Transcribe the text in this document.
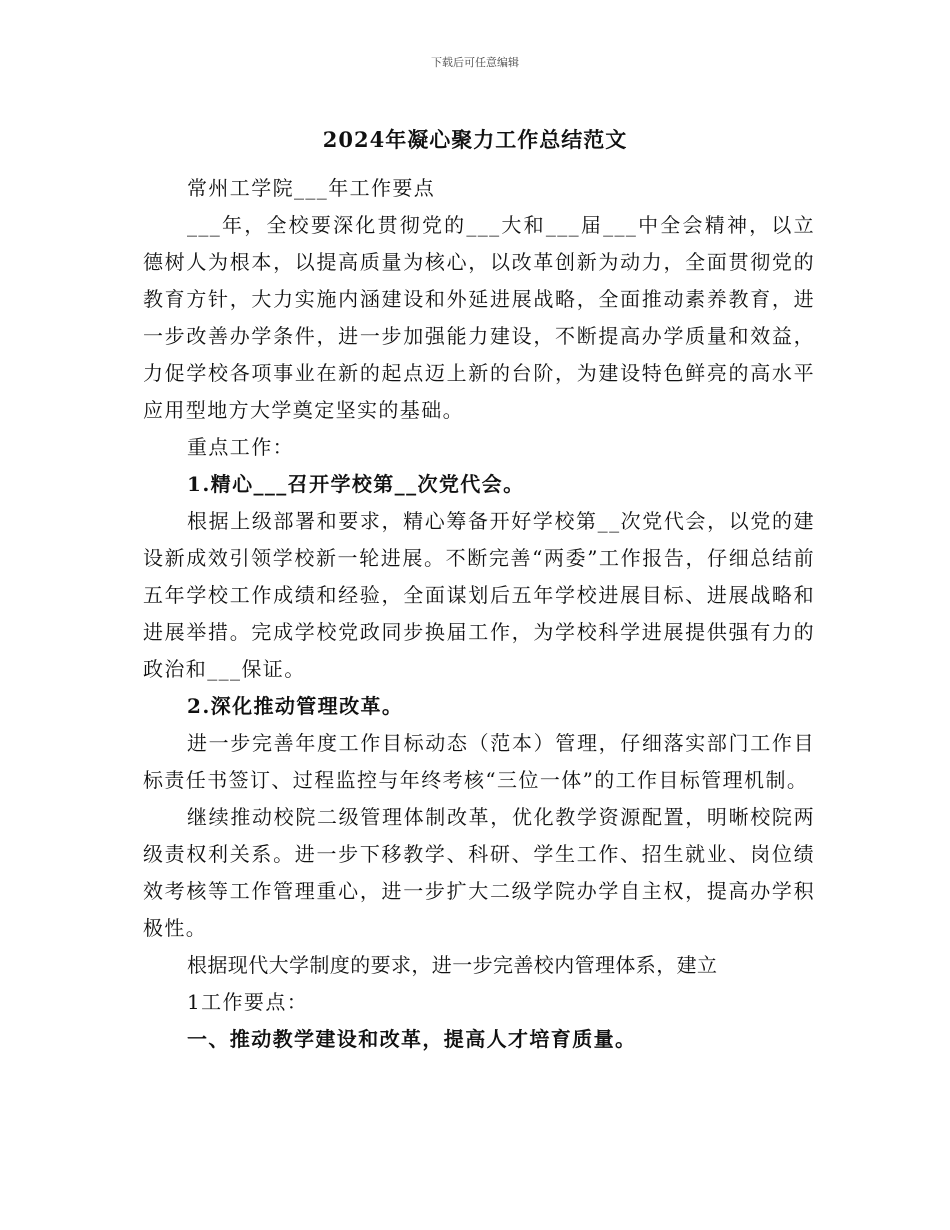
下载后可任意编辑
2024年凝心聚力工作总结范文

常州工学院___年工作要点

___年，全校要深化贯彻党的___大和___届___中全会精神，以立德树人为根本，以提高质量为核心，以改革创新为动力，全面贯彻党的教育方针，大力实施内涵建设和外延进展战略，全面推动素养教育，进一步改善办学条件，进一步加强能力建设，不断提高办学质量和效益，力促学校各项事业在新的起点迈上新的台阶，为建设特色鲜亮的高水平应用型地方大学奠定坚实的基础。

重点工作：

1.精心___召开学校第__次党代会。

根据上级部署和要求，精心筹备开好学校第__次党代会，以党的建设新成效引领学校新一轮进展。不断完善“两委”工作报告，仔细总结前五年学校工作成绩和经验，全面谋划后五年学校进展目标、进展战略和进展举措。完成学校党政同步换届工作，为学校科学进展提供强有力的政治和___保证。

2.深化推动管理改革。

进一步完善年度工作目标动态（范本）管理，仔细落实部门工作目标责任书签订、过程监控与年终考核“三位一体”的工作目标管理机制。

继续推动校院二级管理体制改革，优化教学资源配置，明晰校院两级责权利关系。进一步下移教学、科研、学生工作、招生就业、岗位绩效考核等工作管理重心，进一步扩大二级学院办学自主权，提高办学积极性。

根据现代大学制度的要求，进一步完善校内管理体系，建立

1工作要点：

一、推动教学建设和改革，提高人才培育质量。
